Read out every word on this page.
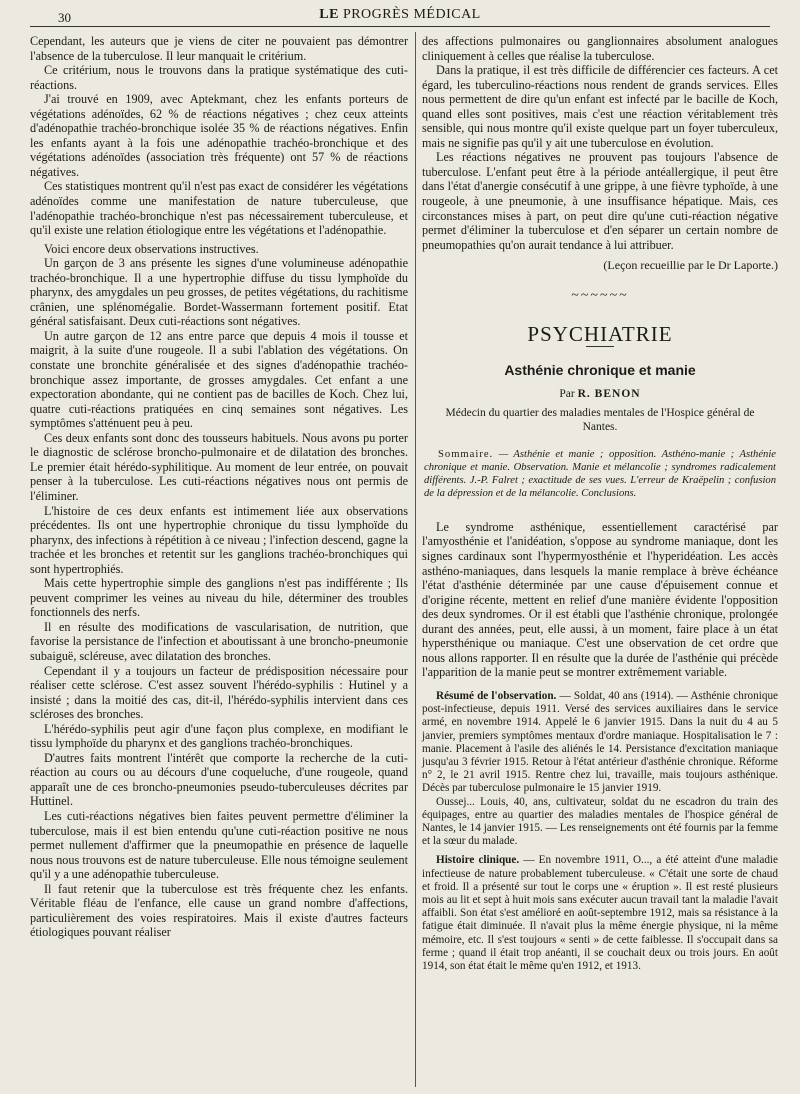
30	LE PROGRÈS MÉDICAL

Cependant, les auteurs que je viens de citer ne pouvaient pas démontrer l'absence de la tuberculose. Il leur manquait le critérium.

Ce critérium, nous le trouvons dans la pratique systématique des cuti-réactions.

J'ai trouvé en 1909, avec Aptekmant, chez les enfants porteurs de végétations adénoïdes, 62 % de réactions négatives ; chez ceux atteints d'adénopathie trachéo-bronchique isolée 35 % de réactions négatives. Enfin les enfants ayant à la fois une adénopathie trachéo-bronchique et des végétations adénoïdes (association très fréquente) ont 57 % de réactions négatives.

Ces statistiques montrent qu'il n'est pas exact de considérer les végétations adénoïdes comme une manifestation de nature tuberculeuse, que l'adénopathie trachéo-bronchique n'est pas nécessairement tuberculeuse, et qu'il existe une relation étiologique entre les végétations et l'adénopathie.

Voici encore deux observations instructives.

Un garçon de 3 ans présente les signes d'une volumineuse adénopathie trachéo-bronchique. Il a une hypertrophie diffuse du tissu lymphoïde du pharynx, des amygdales un peu grosses, de petites végétations, du rachitisme crânien, une splénomégalie. Bordet-Wassermann fortement positif. Etat général satisfaisant. Deux cuti-réactions sont négatives.

Un autre garçon de 12 ans entre parce que depuis 4 mois il tousse et maigrit, à la suite d'une rougeole. Il a subi l'ablation des végétations. On constate une bronchite généralisée et des signes d'adénopathie trachéo-bronchique assez importante, de grosses amygdales. Cet enfant a une expectoration abondante, qui ne contient pas de bacilles de Koch. Chez lui, quatre cuti-réactions pratiquées en cinq semaines sont négatives. Les symptômes s'atténuent peu à peu.

Ces deux enfants sont donc des tousseurs habituels. Nous avons pu porter le diagnostic de sclérose broncho-pulmonaire et de dilatation des bronches. Le premier était hérédo-syphilitique. Au moment de leur entrée, on pouvait penser à la tuberculose. Les cuti-réactions négatives nous ont permis de l'éliminer.

L'histoire de ces deux enfants est intimement liée aux observations précédentes. Ils ont une hypertrophie chronique du tissu lymphoïde du pharynx, des infections à répétition à ce niveau ; l'infection descend, gagne la trachée et les bronches et retentit sur les ganglions trachéo-bronchiques qui sont hypertrophiés.

Mais cette hypertrophie simple des ganglions n'est pas indifférente ; Ils peuvent comprimer les veines au niveau du hile, déterminer des troubles fonctionnels des nerfs.

Il en résulte des modifications de vascularisation, de nutrition, que favorise la persistance de l'infection et aboutissant à une broncho-pneumonie subaiguë, scléreuse, avec dilatation des bronches.

Cependant il y a toujours un facteur de prédisposition nécessaire pour réaliser cette sclérose. C'est assez souvent l'hérédo-syphilis : Hutinel y a insisté ; dans la moitié des cas, dit-il, l'hérédo-syphilis intervient dans ces scléroses des bronches.

L'hérédo-syphilis peut agir d'une façon plus complexe, en modifiant le tissu lymphoïde du pharynx et des ganglions trachéo-bronchiques.

D'autres faits montrent l'intérêt que comporte la recherche de la cuti-réaction au cours ou au décours d'une coqueluche, d'une rougeole, quand apparaît une de ces broncho-pneumonies pseudo-tuberculeuses décrites par Huttinel.

Les cuti-réactions négatives bien faites peuvent permettre d'éliminer la tuberculose, mais il est bien entendu qu'une cuti-réaction positive ne nous permet nullement d'affirmer que la pneumopathie en présence de laquelle nous nous trouvons est de nature tuberculeuse. Elle nous témoigne seulement qu'il y a une adénopathie tuberculeuse.

Il faut retenir que la tuberculose est très fréquente chez les enfants. Véritable fléau de l'enfance, elle cause un grand nombre d'affections, particulièrement des voies respiratoires. Mais il existe d'autres facteurs étiologiques pouvant réaliser

des affections pulmonaires ou ganglionnaires absolument analogues cliniquement à celles que réalise la tuberculose.

Dans la pratique, il est très difficile de différencier ces facteurs. A cet égard, les tuberculino-réactions nous rendent de grands services. Elles nous permettent de dire qu'un enfant est infecté par le bacille de Koch, quand elles sont positives, mais c'est une réaction véritablement très sensible, qui nous montre qu'il existe quelque part un foyer tuberculeux, mais ne signifie pas qu'il y ait une tuberculose en évolution.

Les réactions négatives ne prouvent pas toujours l'absence de tuberculose. L'enfant peut être à la période antéallergique, il peut être dans l'état d'anergie consécutif à une grippe, à une fièvre typhoïde, à une rougeole, à une pneumonie, à une insuffisance hépatique. Mais, ces circonstances mises à part, on peut dire qu'une cuti-réaction négative permet d'éliminer la tuberculose et d'en séparer un certain nombre de pneumopathies qu'on aurait tendance à lui attribuer.

(Leçon recueillie par le Dr Laporte.)
~~~~~~
PSYCHIATRIE
Asthénie chronique et manie
Par R. BENON
Médecin du quartier des maladies mentales de l'Hospice général de Nantes.
Sommaire. — Asthénie et manie ; opposition. Asthéno-manie ; Asthénie chronique et manie. Observation. Manie et mélancolie ; syndromes radicalement différents. J.-P. Falret ; exactitude de ses vues. L'erreur de Kraëpelin ; confusion de la dépression et de la mélancolie. Conclusions.

Le syndrome asthénique, essentiellement caractérisé par l'amyosthénie et l'anidéation, s'oppose au syndrome maniaque, dont les signes cardinaux sont l'hypermyosthénie et l'hyperidéation. Les accès asthéno-maniaques, dans lesquels la manie remplace à brève échéance l'état d'asthénie déterminée par une cause d'épuisement connue et d'origine récente, mettent en relief d'une manière évidente l'opposition des deux syndromes. Or il est établi que l'asthénie chronique, prolongée durant des années, peut, elle aussi, à un moment, faire place à un état hypersthénique ou maniaque. C'est une observation de cet ordre que nous allons rapporter. Il en résulte que la durée de l'asthénie qui précède l'apparition de la manie peut se montrer extrêmement variable.

Résumé de l'observation. — Soldat, 40 ans (1914). — Asthénie chronique post-infectieuse, depuis 1911. Versé des services auxiliaires dans le service armé, en novembre 1914. Appelé le 6 janvier 1915. Dans la nuit du 4 au 5 janvier, premiers symptômes mentaux d'ordre maniaque. Hospitalisation le 7 : manie. Placement à l'asile des aliénés le 14. Persistance d'excitation maniaque jusqu'au 3 février 1915. Retour à l'état antérieur d'asthénie chronique. Réforme n° 2, le 21 avril 1915. Rentre chez lui, travaille, mais toujours asthénique. Décès par tuberculose pulmonaire le 15 janvier 1919.

Oussej... Louis, 40, ans, cultivateur, soldat du ne escadron du train des équipages, entre au quartier des maladies mentales de l'hospice général de Nantes, le 14 janvier 1915. — Les renseignements ont été fournis par la femme et la sœur du malade.

Histoire clinique. — En novembre 1911, O..., a été atteint d'une maladie infectieuse de nature probablement tuberculeuse. « C'était une sorte de chaud et froid. Il a présenté sur tout le corps une « éruption ». Il est resté plusieurs mois au lit et sept à huit mois sans exécuter aucun travail tant la maladie l'avait affaibli. Son état s'est amélioré en août-septembre 1912, mais sa résistance à la fatigue était diminuée. Il n'avait plus la même énergie physique, ni la même mémoire, etc. Il s'est toujours « senti » de cette faiblesse. Il s'occupait dans sa ferme ; quand il était trop anéanti, il se couchait deux ou trois jours. En août 1914, son état était le même qu'en 1912, et 1913.
